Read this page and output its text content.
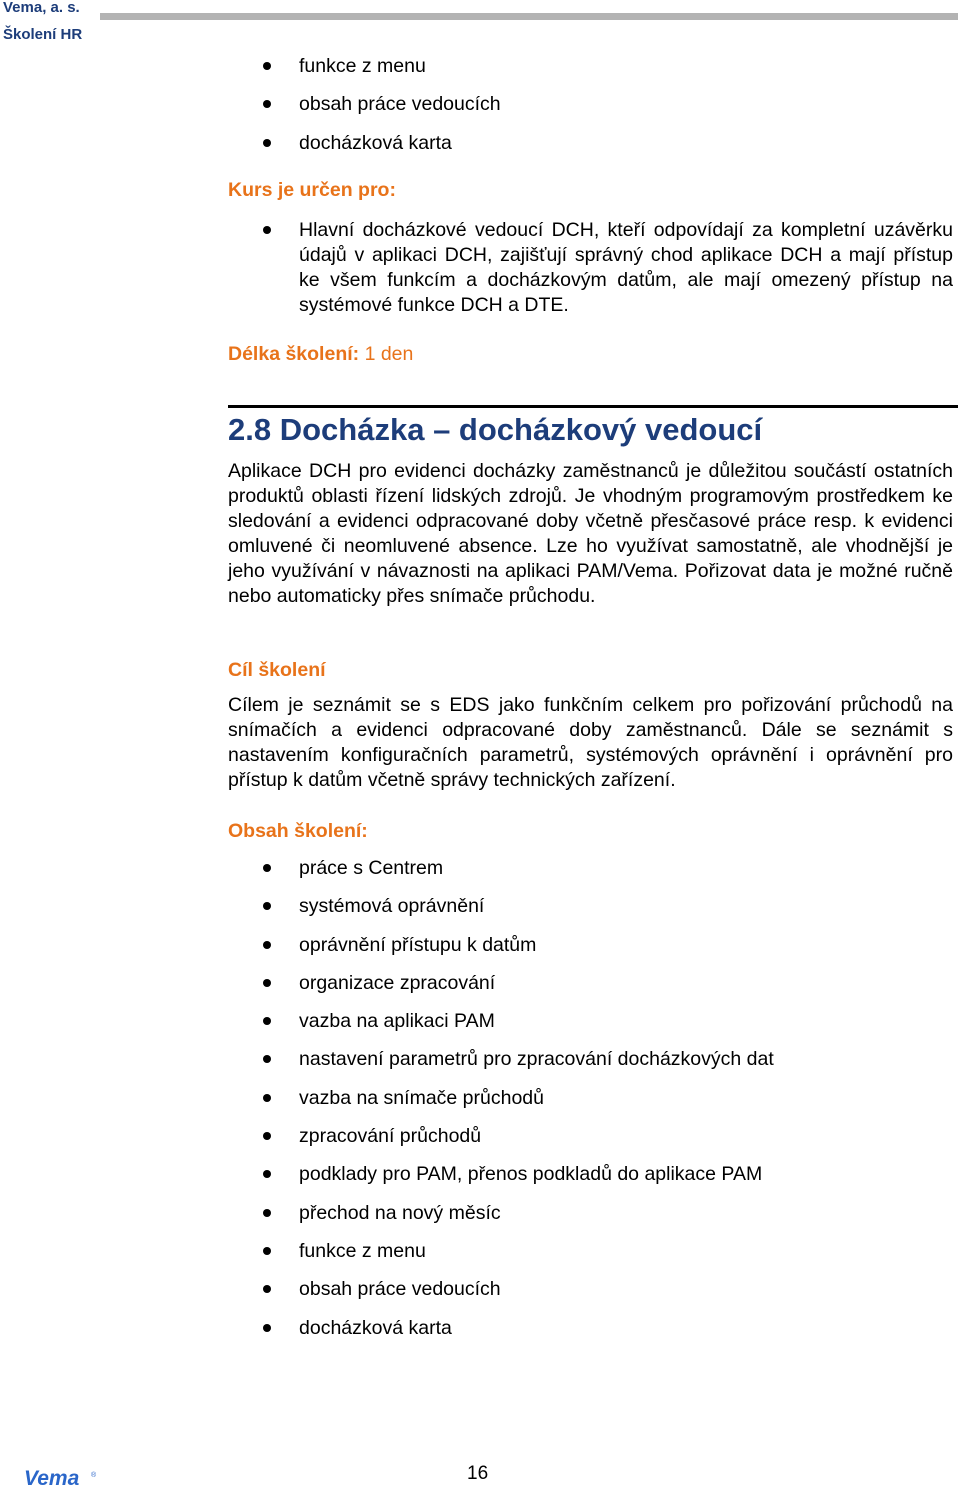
Vema, a. s.
Školení HR
funkce z menu
obsah práce vedoucích
docházková karta
Kurs je určen pro:
Hlavní docházkové vedoucí DCH, kteří odpovídají za kompletní uzávěrku údajů v aplikaci DCH, zajišťují správný chod aplikace DCH a mají přístup ke všem funkcím a docházkovým datům, ale mají omezený přístup na systémové funkce DCH a DTE.
Délka školení: 1 den
2.8 Docházka – docházkový vedoucí
Aplikace DCH pro evidenci docházky zaměstnanců je důležitou součástí ostatních produktů oblasti řízení lidských zdrojů. Je vhodným programovým prostředkem ke sledování a evidenci odpracované doby včetně přesčasové práce resp. k evidenci omluvené či neomluvené absence. Lze ho využívat samostatně, ale vhodnější je jeho využívání v návaznosti na aplikaci PAM/Vema. Pořizovat data je možné ručně nebo automaticky přes snímače průchodu.
Cíl školení
Cílem je seznámit se s EDS jako funkčním celkem pro pořizování průchodů na snímačích a evidenci odpracované doby zaměstnanců. Dále se seznámit s nastavením konfiguračních parametrů, systémových oprávnění i oprávnění pro přístup k datům včetně správy technických zařízení.
Obsah školení:
práce s Centrem
systémová oprávnění
oprávnění přístupu k datům
organizace zpracování
vazba na aplikaci PAM
nastavení parametrů pro zpracování docházkových dat
vazba na snímače průchodů
zpracování průchodů
podklady pro PAM, přenos podkladů do aplikace PAM
přechod na nový měsíc
funkce z menu
obsah práce vedoucích
docházková karta
Vema ®	16
